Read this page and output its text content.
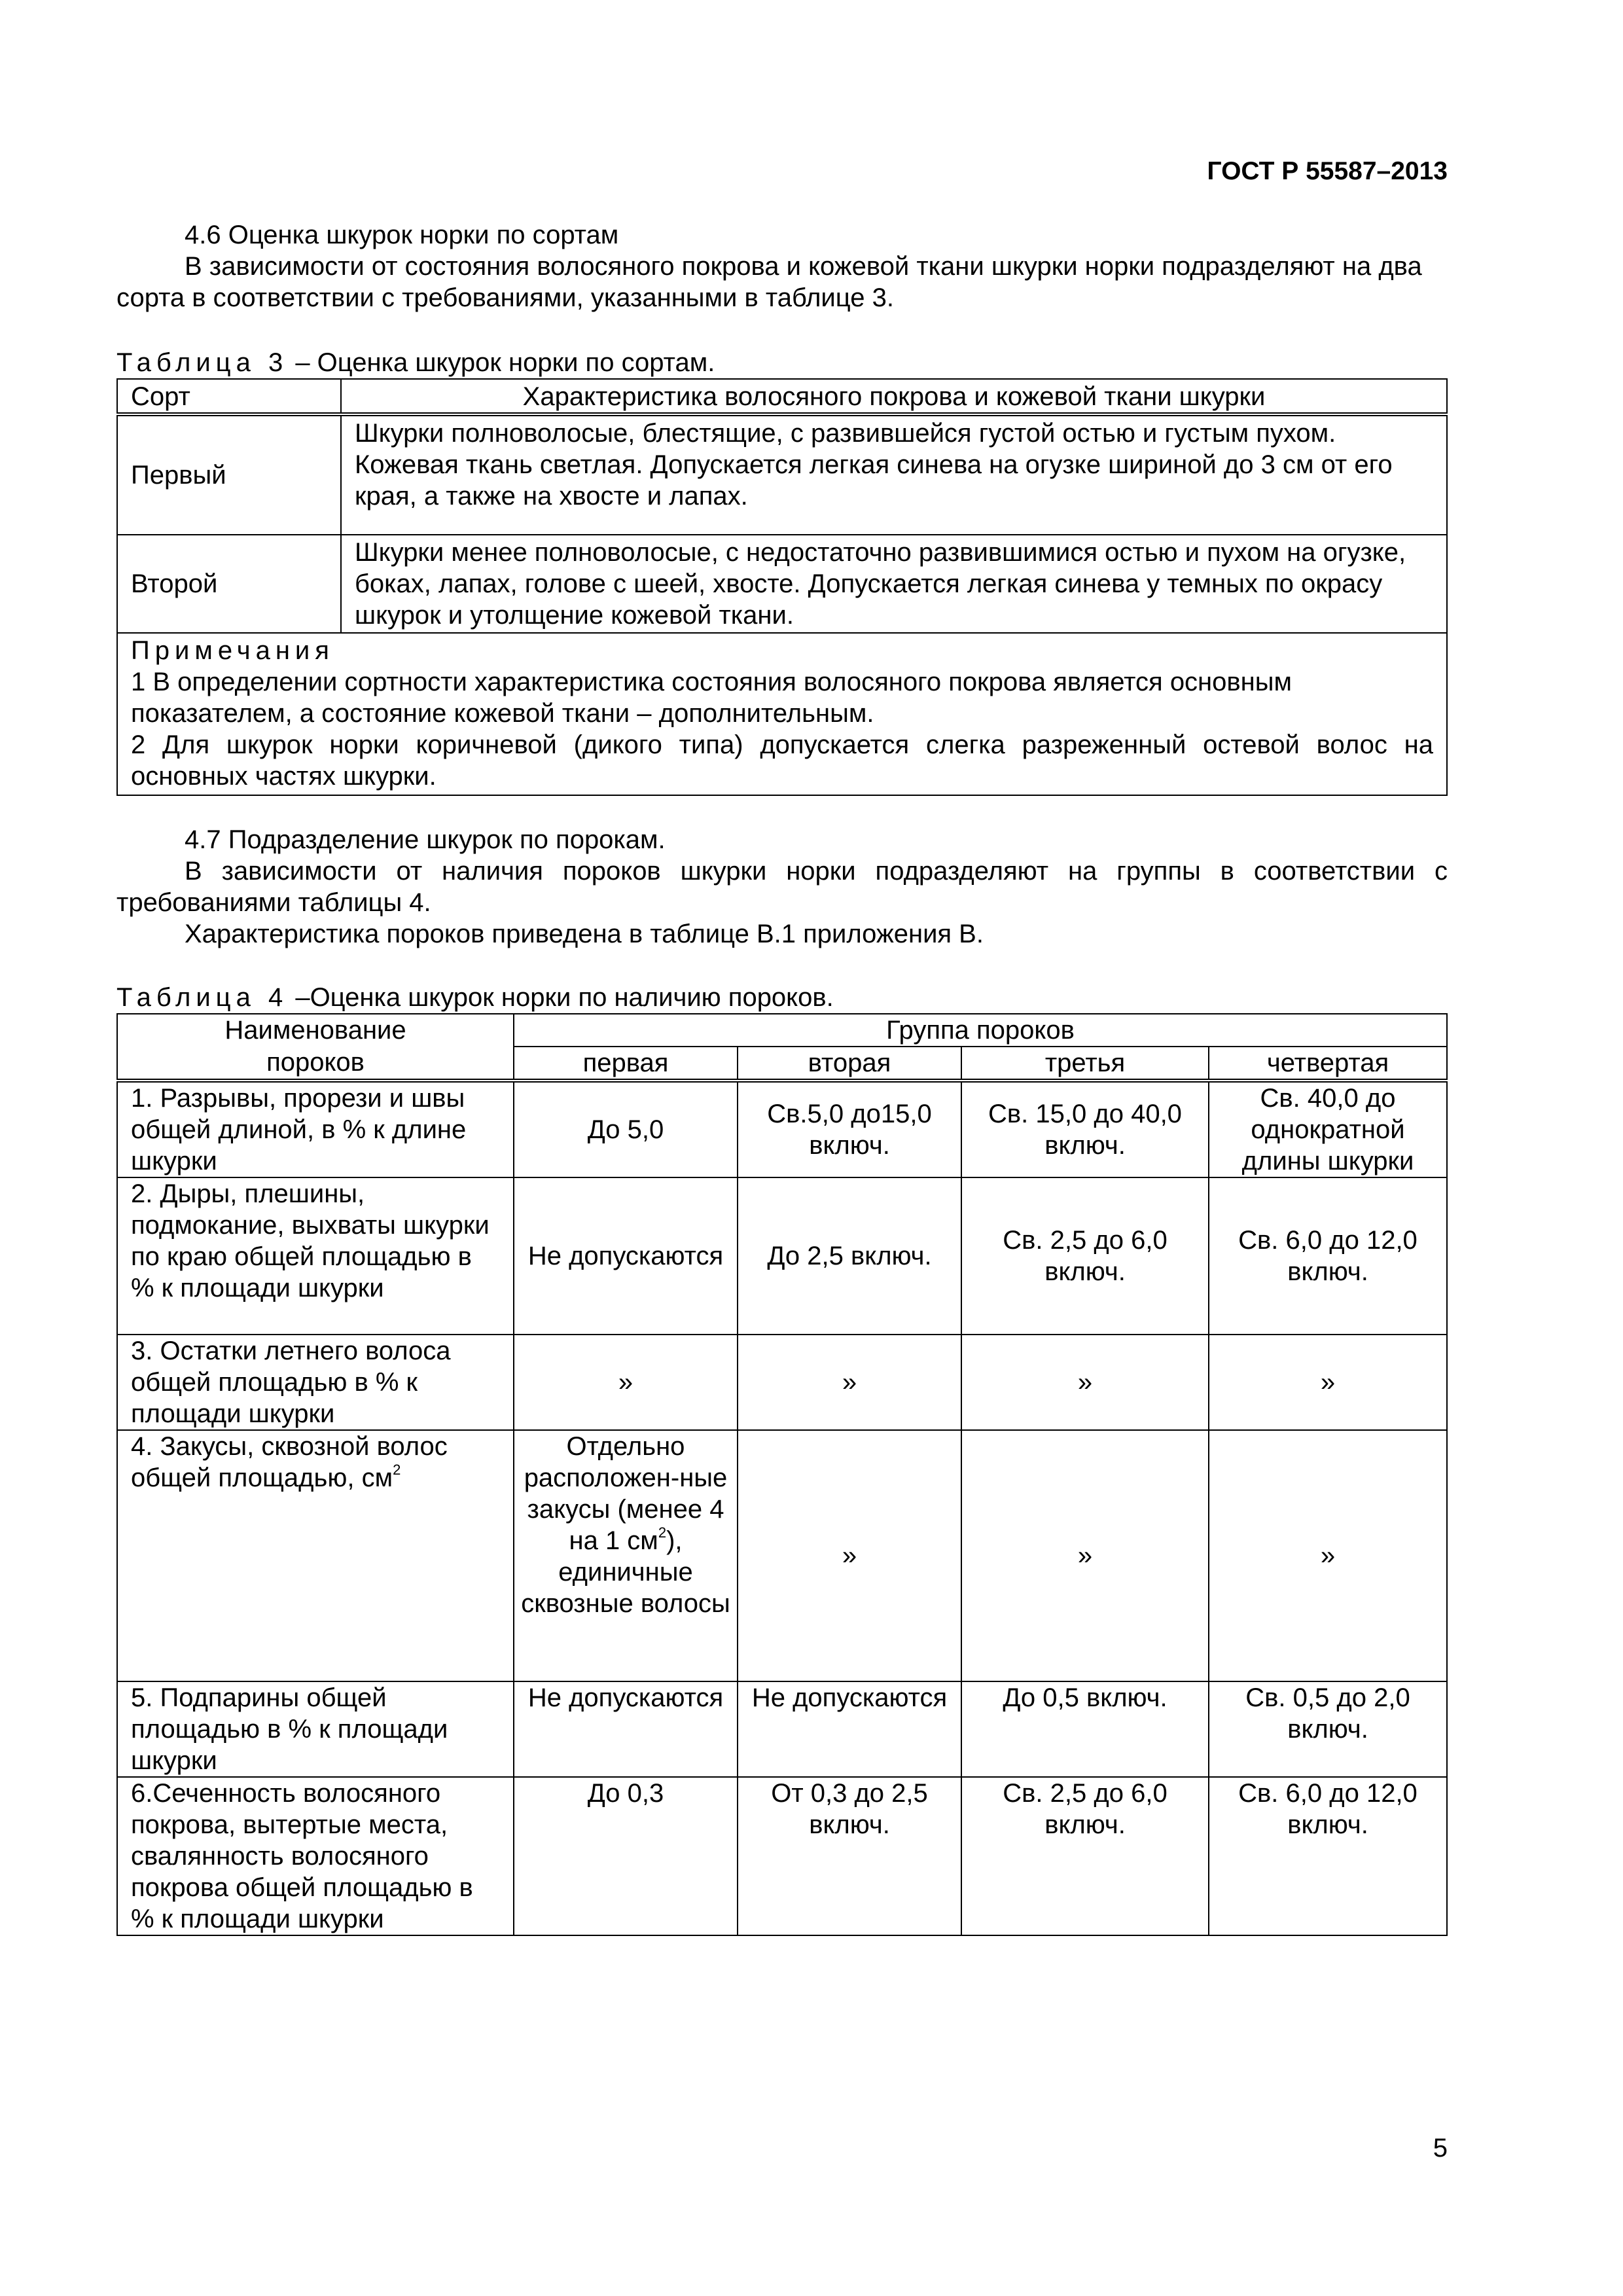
ГОСТ Р 55587–2013

4.6 Оценка шкурок норки по сортам

В зависимости от состояния волосяного покрова и кожевой ткани шкурки норки подразделяют на два сорта в соответствии с требованиями, указанными в таблице 3.

Таблица 3 – Оценка шкурок норки по сортам.

Сорт	Характеристика волосяного покрова и кожевой ткани шкурки
Первый	Шкурки полноволосые, блестящие, с развившейся густой остью и густым пухом. Кожевая ткань светлая. Допускается легкая синева на огузке шириной до 3 см от его края, а также на хвосте и лапах.
Второй	Шкурки менее полноволосые, с недостаточно развившимися остью и пухом на огузке, боках, лапах, голове с шеей, хвосте. Допускается легкая синева у темных по окрасу шкурок и утолщение кожевой ткани.

Примечания
1 В определении сортности характеристика состояния волосяного покрова является основным показателем, а состояние кожевой ткани – дополнительным.
2 Для шкурок норки коричневой (дикого типа) допускается слегка разреженный остевой волос на основных частях шкурки.	

4.7 Подразделение шкурок по порокам.

В зависимости от наличия пороков шкурки норки подразделяют на группы в соответствии с требованиями таблицы 4.

Характеристика пороков приведена в таблице В.1 приложения В.

Таблица 4 –Оценка шкурок норки по наличию пороков.

Наименование	Группа пороков			
пороков	первая	вторая	третья	четвертая
1. Разрывы, прорези и швы общей длиной, в % к длине шкурки	До 5,0	Св.5,0 до15,0 включ.	Св. 15,0 до 40,0 включ.	Св. 40,0 до однократной длины шкурки
2. Дыры, плешины, подмокание, выхваты шкурки по краю общей площадью в % к площади шкурки	Не допускаются	До 2,5 включ.	Св. 2,5 до 6,0 включ.	Св. 6,0 до 12,0 включ.
3. Остатки летнего волоса общей площадью в % к площади шкурки	»	»	»	»
4. Закусы, сквозной волос общей площадью, $см^2$	Отдельно расположен-ные закусы (менее 4 на 1 $см^2$), единичные сквозные волосы	»	»	»
5. Подпарины общей площадью в % к площади шкурки	Не допускаются	Не допускаются	До 0,5 включ.	Св. 0,5 до 2,0 включ.
6.Сеченность волосяного покрова, вытертые места, свалянность волосяного покрова общей площадью в % к площади шкурки	До 0,3	От 0,3 до 2,5 включ.	Св. 2,5 до 6,0 включ.	Св. 6,0 до 12,0 включ.
5
